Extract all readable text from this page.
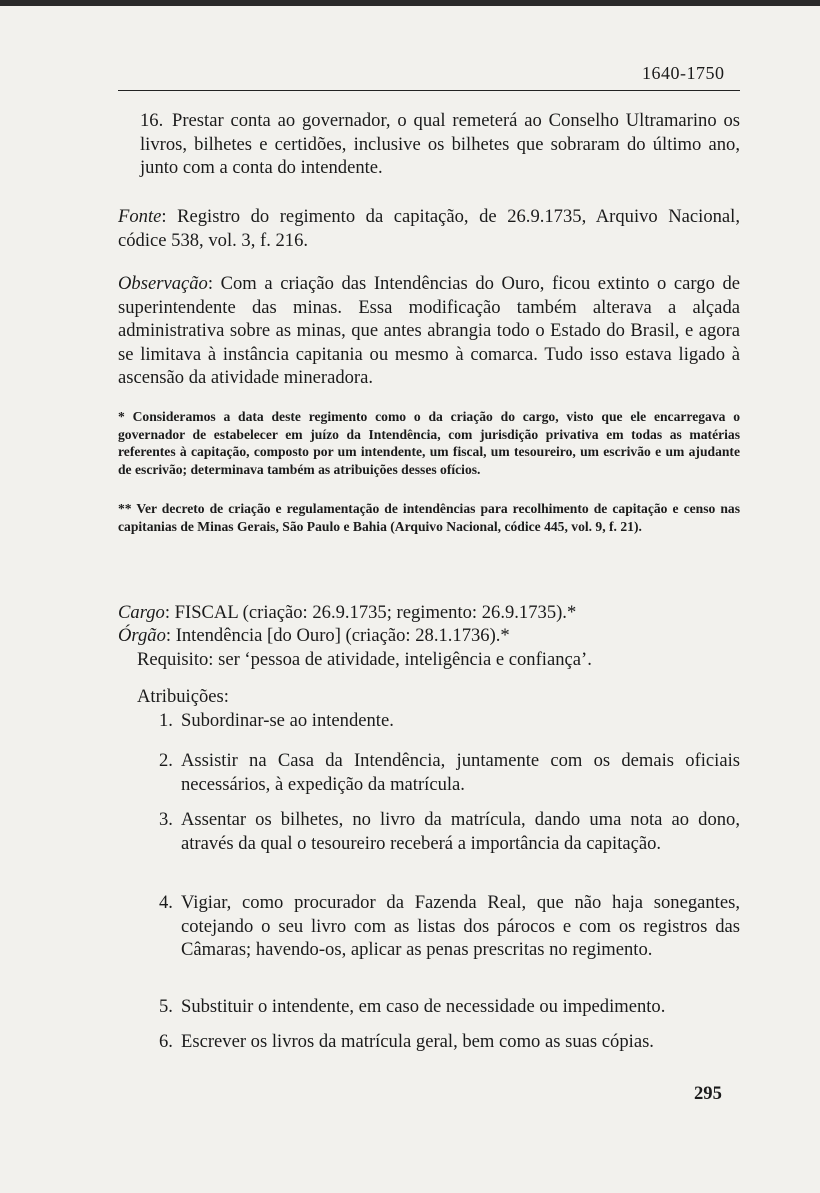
1640-1750
16. Prestar conta ao governador, o qual remeterá ao Conselho Ultramarino os livros, bilhetes e certidões, inclusive os bilhetes que sobraram do último ano, junto com a conta do intendente.
Fonte: Registro do regimento da capitação, de 26.9.1735, Arquivo Nacional, códice 538, vol. 3, f. 216.
Observação: Com a criação das Intendências do Ouro, ficou extinto o cargo de superintendente das minas. Essa modificação também alterava a alçada administrativa sobre as minas, que antes abrangia todo o Estado do Brasil, e agora se limitava à instância capitania ou mesmo à comarca. Tudo isso estava ligado à ascensão da atividade mineradora.
* Consideramos a data deste regimento como o da criação do cargo, visto que ele encarregava o governador de estabelecer em juízo da Intendência, com jurisdição privativa em todas as matérias referentes à capitação, composto por um intendente, um fiscal, um tesoureiro, um escrivão e um ajudante de escrivão; determinava também as atribuições desses ofícios.
** Ver decreto de criação e regulamentação de intendências para recolhimento de capitação e censo nas capitanias de Minas Gerais, São Paulo e Bahia (Arquivo Nacional, códice 445, vol. 9, f. 21).
Cargo: FISCAL (criação: 26.9.1735; regimento: 26.9.1735).*
Órgão: Intendência [do Ouro] (criação: 28.1.1736).*
Requisito: ser ‘pessoa de atividade, inteligência e confiança’.
Atribuições:
1. Subordinar-se ao intendente.
2. Assistir na Casa da Intendência, juntamente com os demais oficiais necessários, à expedição da matrícula.
3. Assentar os bilhetes, no livro da matrícula, dando uma nota ao dono, através da qual o tesoureiro receberá a importância da capitação.
4. Vigiar, como procurador da Fazenda Real, que não haja sonegantes, cotejando o seu livro com as listas dos párocos e com os registros das Câmaras; havendo-os, aplicar as penas prescritas no regimento.
5. Substituir o intendente, em caso de necessidade ou impedimento.
6. Escrever os livros da matrícula geral, bem como as suas cópias.
295
